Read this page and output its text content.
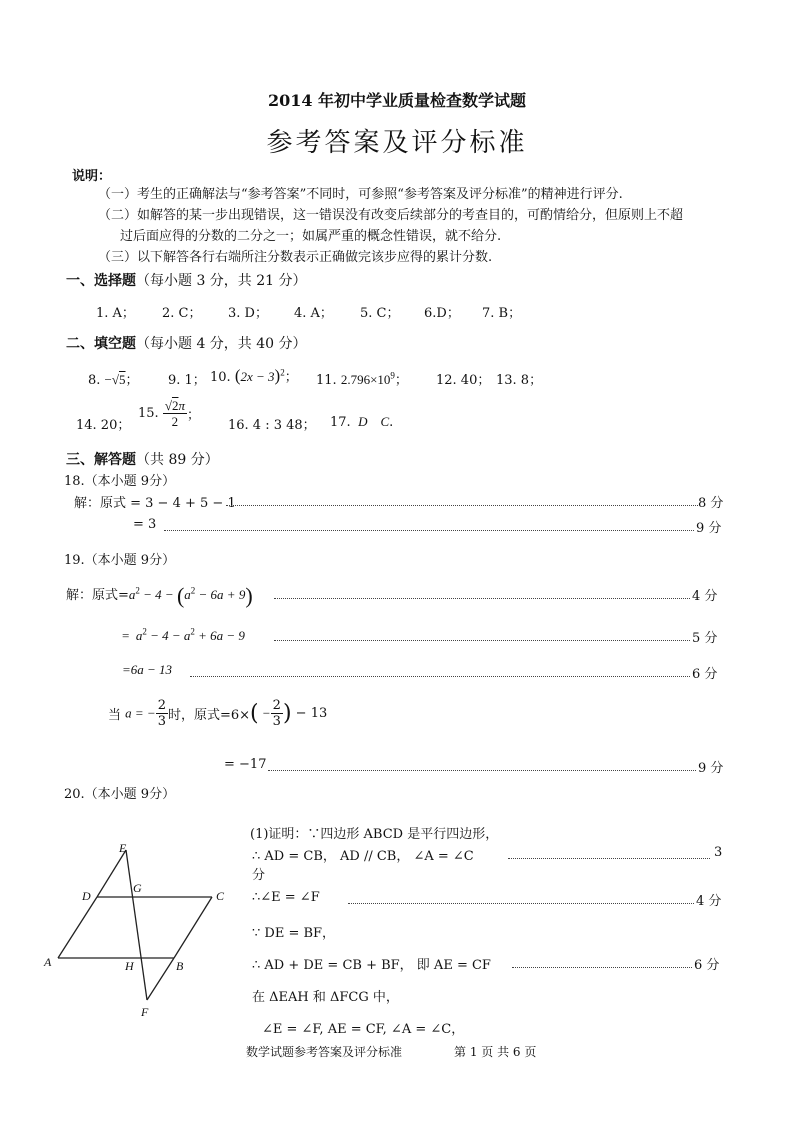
2014 年初中学业质量检查数学试题
参考答案及评分标准
说明：
（一）考生的正确解法与“参考答案”不同时，可参照“参考答案及评分标准”的精神进行评分.
（二）如解答的某一步出现错误，这一错误没有改变后续部分的考查目的，可酌情给分，但原则上不超
过后面应得的分数的二分之一；如属严重的概念性错误，就不给分.
（三）以下解答各行右端所注分数表示正确做完该步应得的累计分数.
一、选择题（每小题 3 分，共 21 分）
1. A； 2. C； 3. D； 4. A； 5. C； 6.D； 7. B；
二、填空题（每小题 4 分，共 40 分）
8. −√5； 9. 1； 10. $(2x - 3)^2$； 11. $2.796\times 10^9$； 12. 40； 13. 8；
14. 20；
15. $\frac{√2\pi}{2}$ ；
16. 4 : 3 48； 17.  D    C.
三、解答题（共 89 分）
18.（本小题 9分）
解：原式 = 3 − 4 + 5 − 1	8 分
= 3	9 分
19.（本小题 9分）
解：原式$=a^2 - 4 - (a^2 - 6a + 9)$	4 分
=  $a^2 - 4 - a^2 + 6a - 9$	5 分
=6a − 13	6 分
当 a = − $\frac{2}{3}$ 时，原式$=6\times( - \frac{2}{3}$ ) − 13
= −17	9 分
20.（本小题 9分）
E
D
G
C
A	H	B
F
(1)证明：∵四边形 ABCD 是平行四边形，
∴ AD = CB， AD // CB， ∠A = ∠C	3
分
∴∠E = ∠F	4 分
∵ DE = BF，
∴ AD + DE = CB + BF， 即 AE = CF	6 分
在 ΔEAH 和 ΔFCG 中，
∠E = ∠F, AE = CF, ∠A = ∠C，
数学试题参考答案及评分标准	第 1 页 共 6 页
